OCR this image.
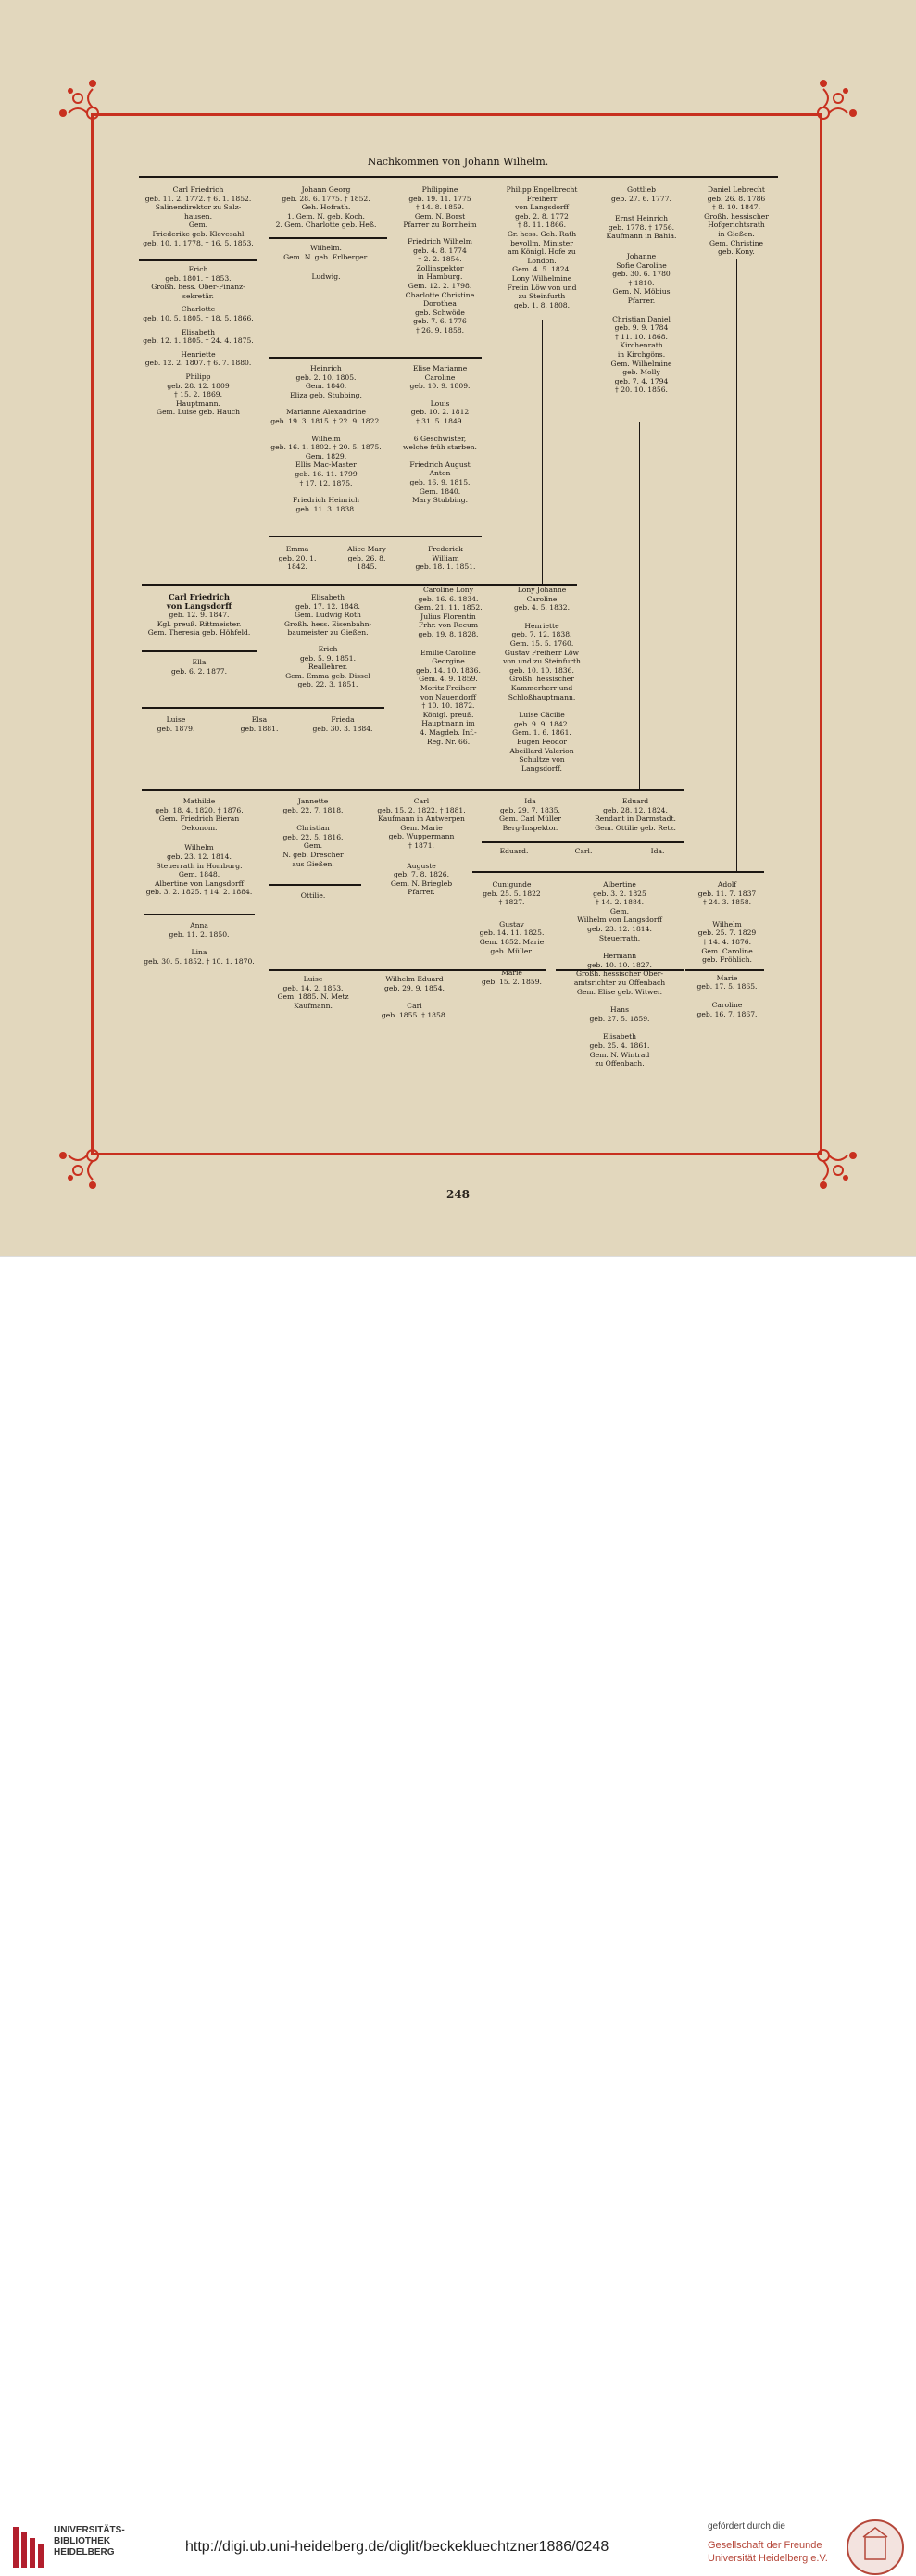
Nachkommen von Johann Wilhelm.
Carl Friedrich
geb. 11. 2. 1772. † 6. 1. 1852.
Salinendirektor zu Salz-
hausen.
Gem.
Friederike geb. Klevesahl
geb. 10. 1. 1778. † 16. 5. 1853.
Erich
geb. 1801. † 1853.
Großh. hess. Ober-Finanz-
sekretär.
Charlotte
geb. 10. 5. 1805. † 18. 5. 1866.
Elisabeth
geb. 12. 1. 1805. † 24. 4. 1875.
Henriette
geb. 12. 2. 1807. † 6. 7. 1880.
Philipp
geb. 28. 12. 1809
† 15. 2. 1869.
Hauptmann.
Gem. Luise geb. Hauch
Johann Georg
geb. 28. 6. 1775. † 1852.
Geh. Hofrath.
1. Gem. N. geb. Koch.
2. Gem. Charlotte geb. Heß.
Wilhelm.
Gem. N. geb. Erlberger.
Ludwig.
Philippine
geb. 19. 11. 1775
† 14. 8. 1859.
Gem. N. Borst
Pfarrer zu Bornheim
Friedrich Wilhelm
geb. 4. 8. 1774
† 2. 2. 1854.
Zollinspektor
in Hamburg.
Gem. 12. 2. 1798.
Charlotte Christine
Dorothea
geb. Schwöde
geb. 7. 6. 1776
† 26. 9. 1858.
Philipp Engelbrecht
Freiherr
von Langsdorff
geb. 2. 8. 1772
† 8. 11. 1866.
Gr. hess. Geh. Rath
bevollm. Minister
am Königl. Hofe zu
London.
Gem. 4. 5. 1824.
Lony Wilhelmine
Freiin Löw von und
zu Steinfurth
geb. 1. 8. 1808.
Gottlieb
geb. 27. 6. 1777.
Ernst Heinrich
geb. 1778. † 1756.
Kaufmann in Bahia.
Johanne
Sofie Caroline
geb. 30. 6. 1780
† 1810.
Gem. N. Möbius
Pfarrer.
Christian Daniel
geb. 9. 9. 1784
† 11. 10. 1868.
Kirchenrath
in Kirchgöns.
Gem. Wilhelmine
geb. Molly
geb. 7. 4. 1794
† 20. 10. 1856.
Daniel Lebrecht
geb. 26. 8. 1786
† 8. 10. 1847.
Großh. hessischer
Hofgerichtsrath
in Gießen.
Gem. Christine
geb. Kony.
Heinrich
geb. 2. 10. 1805.
Gem. 1840.
Eliza geb. Stubbing.
Marianne Alexandrine
geb. 19. 3. 1815. † 22. 9. 1822.
Wilhelm
geb. 16. 1. 1802. † 20. 5. 1875.
Gem. 1829.
Ellis Mac-Master
geb. 16. 11. 1799
† 17. 12. 1875.
Friedrich Heinrich
geb. 11. 3. 1838.
Elise Marianne
Caroline
geb. 10. 9. 1809.
Louis
geb. 10. 2. 1812
† 31. 5. 1849.
6 Geschwister,
welche früh starben.
Friedrich August
Anton
geb. 16. 9. 1815.
Gem. 1840.
Mary Stubbing.
Emma
geb. 20. 1.
1842.
Alice Mary
geb. 26. 8.
1845.
Frederick
William
geb. 18. 1. 1851.
Carl Friedrich
von Langsdorff
geb. 12. 9. 1847.
Kgl. preuß. Rittmeister.
Gem. Theresia geb. Höhfeld.
Ella
geb. 6. 2. 1877.
Elisabeth
geb. 17. 12. 1848.
Gem. Ludwig Roth
Großh. hess. Eisenbahn-
baumeister zu Gießen.
Erich
geb. 5. 9. 1851.
Reallehrer.
Gem. Emma geb. Dissel
geb. 22. 3. 1851.
Caroline Lony
geb. 16. 6. 1834.
Gem. 21. 11. 1852.
Julius Florentin
Frhr. von Recum
geb. 19. 8. 1828.
Emilie Caroline
Georgine
geb. 14. 10. 1836.
Gem. 4. 9. 1859.
Moritz Freiherr
von Nauendorff
† 10. 10. 1872.
Königl. preuß.
Hauptmann im
4. Magdeb. Inf.-
Reg. Nr. 66.
Lony Johanne
Caroline
geb. 4. 5. 1832.
Henriette
geb. 7. 12. 1838.
Gem. 15. 5. 1760.
Gustav Freiherr Löw
von und zu Steinfurth
geb. 10. 10. 1836.
Großh. hessischer
Kammerherr und
Schloßhauptmann.
Luise Cäcilie
geb. 9. 9. 1842.
Gem. 1. 6. 1861.
Eugen Feodor
Abeillard Valerion
Schultze von
Langsdorff.
Luise
geb. 1879.
Elsa
geb. 1881.
Frieda
geb. 30. 3. 1884.
Mathilde
geb. 18. 4. 1820. † 1876.
Gem. Friedrich Bieran
Oekonom.
Wilhelm
geb. 23. 12. 1814.
Steuerrath in Homburg.
Gem. 1848.
Albertine von Langsdorff
geb. 3. 2. 1825. † 14. 2. 1884.
Anna
geb. 11. 2. 1850.
Lina
geb. 30. 5. 1852. † 10. 1. 1870.
Jannette
geb. 22. 7. 1818.
Christian
geb. 22. 5. 1816.
Gem.
N. geb. Drescher
aus Gießen.
Ottilie.
Carl
geb. 15. 2. 1822. † 1881.
Kaufmann in Antwerpen
Gem. Marie
geb. Wuppermann
† 1871.
Auguste
geb. 7. 8. 1826.
Gem. N. Briegleb
Pfarrer.
Ida
geb. 29. 7. 1835.
Gem. Carl Müller
Berg-Inspektor.
Eduard
geb. 28. 12. 1824.
Rendant in Darmstadt.
Gem. Ottilie geb. Retz.
Eduard.	Carl.	Ida.
Cunigunde
geb. 25. 5. 1822
† 1827.
Gustav
geb. 14. 11. 1825.
Gem. 1852. Marie
geb. Müller.
Marie
geb. 15. 2. 1859.
Albertine
geb. 3. 2. 1825
† 14. 2. 1884.
Gem.
Wilhelm von Langsdorff
geb. 23. 12. 1814.
Steuerrath.
Hermann
geb. 10. 10. 1827.
Großh. hessischer Ober-
amtsrichter zu Offenbach
Gem. Elise geb. Witwer.
Hans
geb. 27. 5. 1859.
Elisabeth
geb. 25. 4. 1861.
Gem. N. Wintrad
zu Offenbach.
Adolf
geb. 11. 7. 1837
† 24. 3. 1858.
Wilhelm
geb. 25. 7. 1829
† 14. 4. 1876.
Gem. Caroline
geb. Fröhlich.
Marie
geb. 17. 5. 1865.
Caroline
geb. 16. 7. 1867.
Luise
geb. 14. 2. 1853.
Gem. 1885. N. Metz
Kaufmann.
Wilhelm Eduard
geb. 29. 9. 1854.
Carl
geb. 1855. † 1858.
248
UNIVERSITÄTS-
BIBLIOTHEK
HEIDELBERG	http://digi.ub.uni-heidelberg.de/diglit/beckekluechtzner1886/0248
gefördert durch die
Gesellschaft der Freunde
Universität Heidelberg e.V.
